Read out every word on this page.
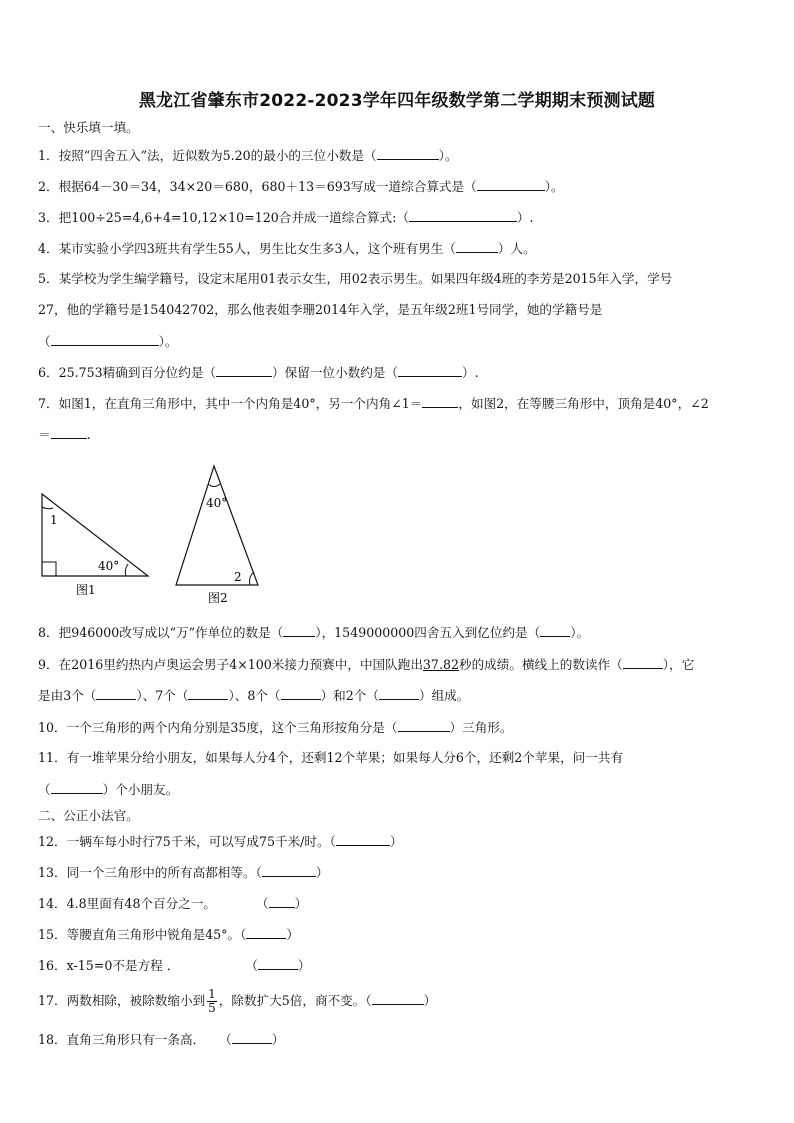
黑龙江省肇东市2022-2023学年四年级数学第二学期期末预测试题
一、快乐填一填。
1．按照“四舍五入”法，近似数为5.20的最小的三位小数是（	）。
2．根据64－30＝34，34×20＝680，680＋13＝693写成一道综合算式是（	）。
3．把100÷25=4,6+4=10,12×10=120合并成一道综合算式:（	）.
4．某市实验小学四3班共有学生55人，男生比女生多3人，这个班有男生（	）人。
5．某学校为学生编学籍号，设定末尾用01表示女生，用02表示男生。如果四年级4班的李芳是2015年入学，学号
27，他的学籍号是154042702，那么他表姐李珊2014年入学，是五年级2班1号同学，她的学籍号是
（	）。
6．25.753精确到百分位约是（	）保留一位小数约是（	）.
7．如图1，在直角三角形中，其中一个内角是40°，另一个内角∠1＝	，如图2，在等腰三角形中，顶角是40°，∠2
＝	.
1
40°
图1
40°
2
图2
8．把946000改写成以“万”作单位的数是（	），1549000000四舍五入到亿位约是（ ）。
9．在2016里约热内卢奥运会男子4×100米接力预赛中，中国队跑出37.82秒的成绩。横线上的数读作（	），它
是由3个（	）、7个（	）、8个（	）和2个（	）组成。
10．一个三角形的两个内角分别是35度，这个三角形按角分是（	）三角形。
11．有一堆苹果分给小朋友，如果每人分4个，还剩12个苹果；如果每人分6个，还剩2个苹果，问一共有
（	）个小朋友。
二、公正小法官。
12．一辆车每小时行75千米，可以写成75千米/时。（	）
13．同一个三角形中的所有高都相等。（	）
14．4.8里面有48个百分之一。	（ ）
15．等腰直角三角形中锐角是45°。（	）
16．x-15=0不是方程 ．	（	）
17．两数相除，被除数缩小到 $\frac{1}{5}$ ，除数扩大5倍，商不变。（	）
18．直角三角形只有一条高． （	）
